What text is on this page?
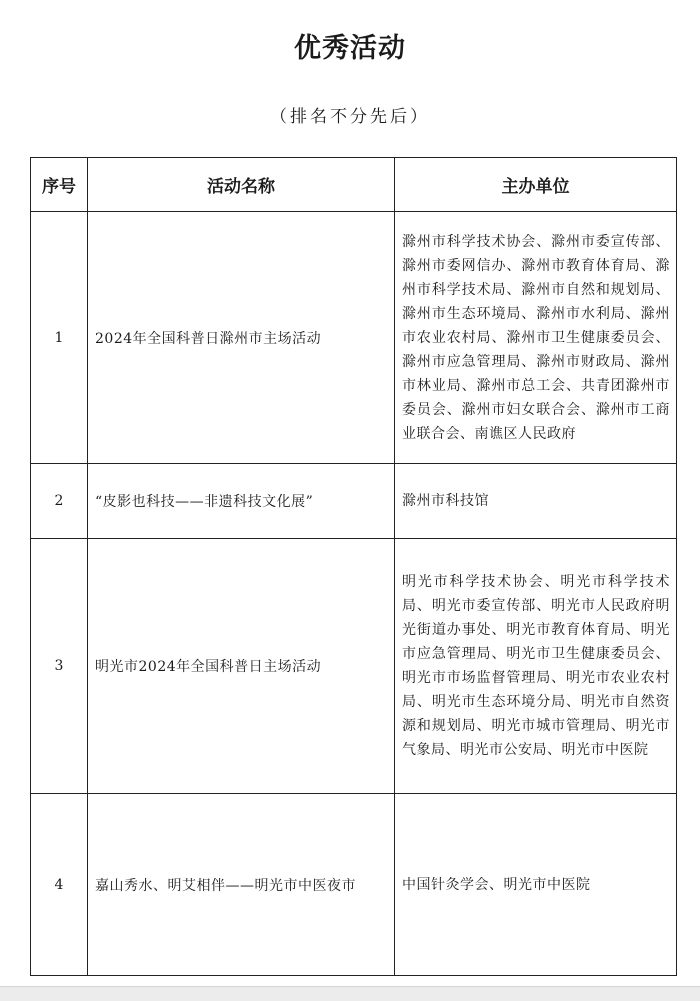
优秀活动
（排名不分先后）
序号	活动名称	主办单位
1	2024年全国科普日滁州市主场活动	滁州市科学技术协会、滁州市委宣传部、滁州市委网信办、滁州市教育体育局、滁州市科学技术局、滁州市自然和规划局、滁州市生态环境局、滁州市水利局、滁州市农业农村局、滁州市卫生健康委员会、滁州市应急管理局、滁州市财政局、滁州市林业局、滁州市总工会、共青团滁州市委员会、滁州市妇女联合会、滁州市工商业联合会、南谯区人民政府
2	“皮影也科技——非遗科技文化展”	滁州市科技馆
3	明光市2024年全国科普日主场活动	明光市科学技术协会、明光市科学技术局、明光市委宣传部、明光市人民政府明光街道办事处、明光市教育体育局、明光市应急管理局、明光市卫生健康委员会、明光市市场监督管理局、明光市农业农村局、明光市生态环境分局、明光市自然资源和规划局、明光市城市管理局、明光市气象局、明光市公安局、明光市中医院
4	嘉山秀水、明艾相伴——明光市中医夜市	中国针灸学会、明光市中医院
